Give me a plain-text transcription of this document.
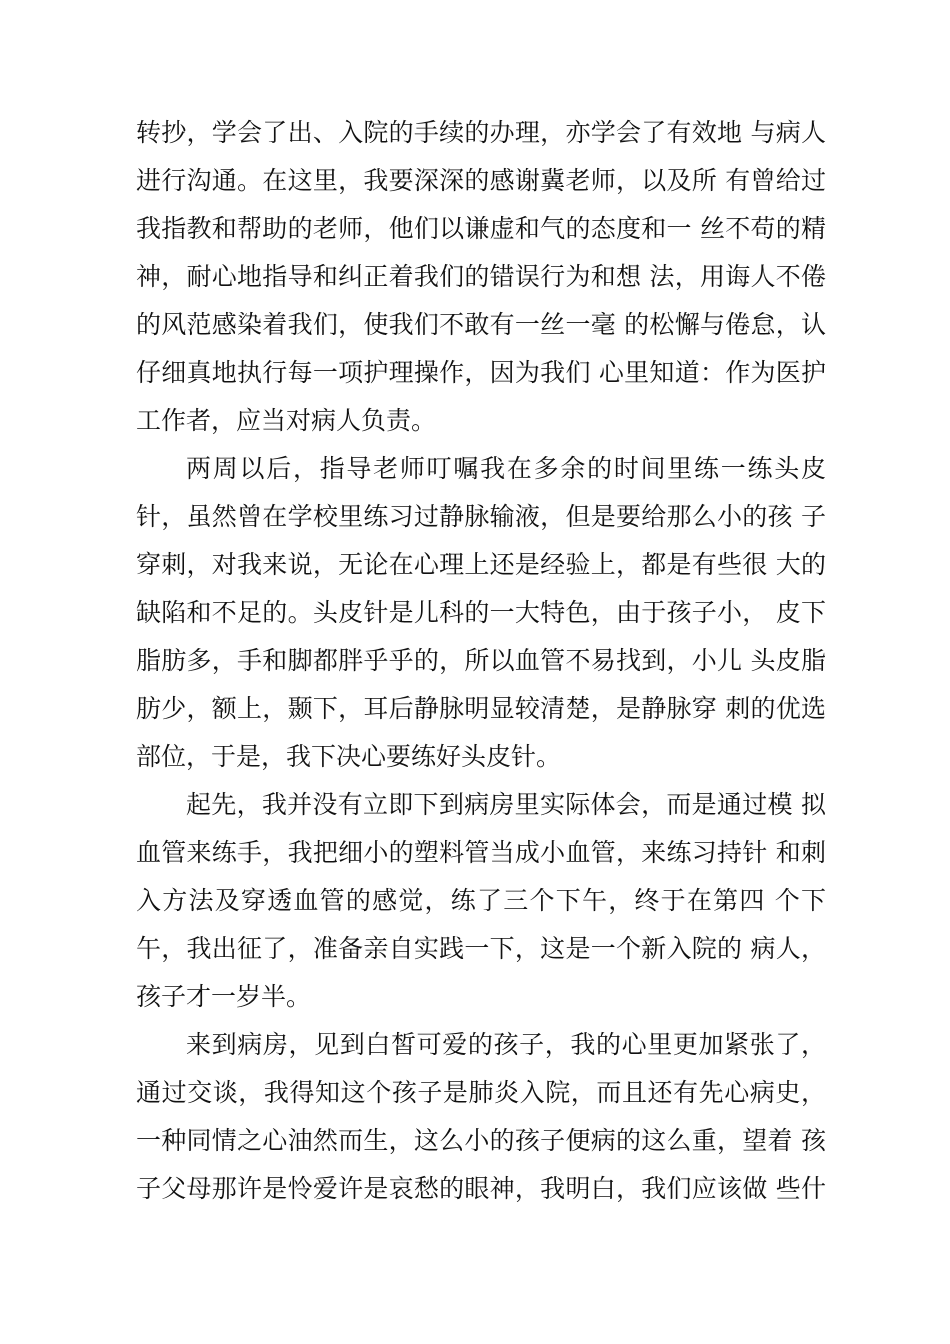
转抄，学会了出、入院的手续的办理，亦学会了有效地 与病人
进行沟通。在这里，我要深深的感谢冀老师，以及所 有曾给过
我指教和帮助的老师，他们以谦虚和气的态度和一 丝不苟的精
神，耐心地指导和纠正着我们的错误行为和想 法，用诲人不倦
的风范感染着我们，使我们不敢有一丝一毫 的松懈与倦怠，认
仔细真地执行每一项护理操作，因为我们 心里知道：作为医护
工作者，应当对病人负责。
两周以后，指导老师叮嘱我在多余的时间里练一练头皮
针，虽然曾在学校里练习过静脉输液，但是要给那么小的孩 子
穿刺，对我来说，无论在心理上还是经验上，都是有些很 大的
缺陷和不足的。头皮针是儿科的一大特色，由于孩子小， 皮下
脂肪多，手和脚都胖乎乎的，所以血管不易找到，小儿 头皮脂
肪少，额上，颞下，耳后静脉明显较清楚，是静脉穿 刺的优选
部位，于是，我下决心要练好头皮针。
起先，我并没有立即下到病房里实际体会，而是通过模 拟
血管来练手，我把细小的塑料管当成小血管，来练习持针 和刺
入方法及穿透血管的感觉，练了三个下午，终于在第四 个下
午，我出征了，准备亲自实践一下，这是一个新入院的 病人，
孩子才一岁半。
来到病房，见到白皙可爱的孩子，我的心里更加紧张了，
通过交谈，我得知这个孩子是肺炎入院，而且还有先心病史，
一种同情之心油然而生，这么小的孩子便病的这么重，望着 孩
子父母那许是怜爱许是哀愁的眼神，我明白，我们应该做 些什
